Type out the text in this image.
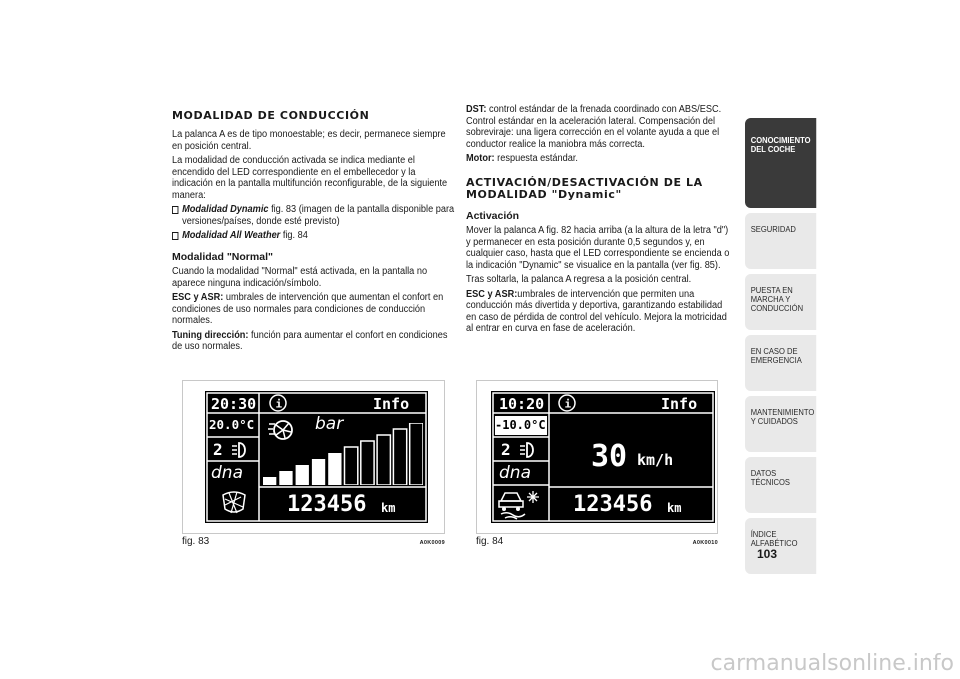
MODALIDAD DE CONDUCCIÓN

La palanca A es de tipo monoestable; es decir, permanece siempre en posición central.

La modalidad de conducción activada se indica mediante el encendido del LED correspondiente en el embellecedor y la indicación en la pantalla multifunción reconfigurable, de la siguiente manera:

Modalidad Dynamic fig. 83 (imagen de la pantalla disponible para versiones/países, donde esté previsto)

Modalidad All Weather fig. 84

Modalidad "Normal"

Cuando la modalidad "Normal" está activada, en la pantalla no aparece ninguna indicación/símbolo.

ESC y ASR: umbrales de intervención que aumentan el confort en condiciones de uso normales para condiciones de conducción normales.

Tuning dirección: función para aumentar el confort en condiciones de uso normales.

DST: control estándar de la frenada coordinado con ABS/ESC. Control estándar en la aceleración lateral. Compensación del sobreviraje: una ligera corrección en el volante ayuda a que el conductor realice la maniobra más correcta.

Motor: respuesta estándar.

ACTIVACIÓN/DESACTIVACIÓN DE LA MODALIDAD "Dynamic"
Activación

Mover la palanca A fig. 82 hacia arriba (a la altura de la letra "d") y permanecer en esta posición durante 0,5 segundos y, en cualquier caso, hasta que el LED correspondiente se encienda o la indicación "Dynamic" se visualice en la pantalla (ver fig. 85).

Tras soltarla, la palanca A regresa a la posición central.

ESC y ASR:umbrales de intervención que permiten una conducción más divertida y deportiva, garantizando estabilidad en caso de pérdida de control del vehículo. Mejora la motricidad al entrar en curva en fase de aceleración.

i
20:30	Info
20.0°C
2
dna
bar
123456 km
fig. 83	A0K0009
i
10:20	Info
-10.0°C
2
dna 30 km/h
123456 km
fig. 84	A0K0010
CONOCIMIENTO DEL COCHE
SEGURIDAD
PUESTA EN MARCHA Y CONDUCCIÓN
EN CASO DE EMERGENCIA
MANTENIMIENTO Y CUIDADOS
DATOS TÉCNICOS
ÍNDICE ALFABÉTICO
103
carmanualsonline.info
